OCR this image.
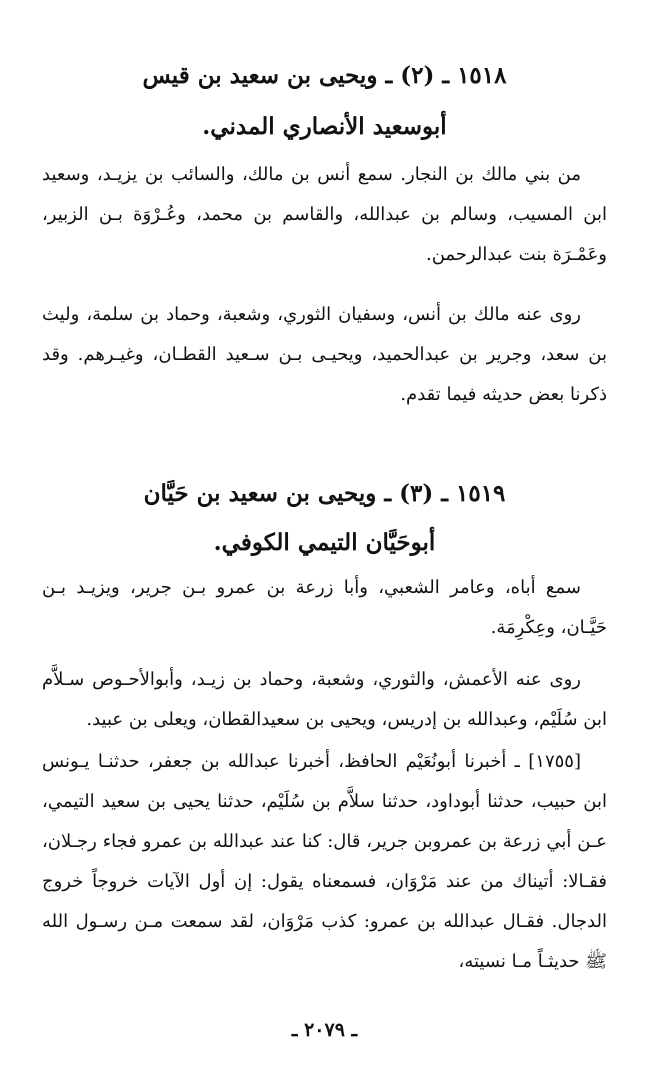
١٥١٨ ـ (٢) ـ ويحيى بن سعيد بن قيس
أبوسعيد الأنصاري المدني.

من بني مالك بن النجار. سمع أنس بن مالك، والسائب بن يزيـد، وسعيد ابن المسيب، وسالم بن عبدالله، والقاسم بن محمد، وعُـرْوَة بـن الزبير، وعَمْـرَة بنت عبدالرحمن.

روى عنه مالك بن أنس، وسفيان الثوري، وشعبة، وحماد بن سلمة، وليث بن سعد، وجرير بن عبدالحميد، ويحيـى بـن سـعيد القطـان، وغيـرهم. وقد ذكرنا بعض حديثه فيما تقدم.

١٥١٩ ـ (٣) ـ ويحيى بن سعيد بن حَيَّان
أبوحَيَّان التيمي الكوفي.

سمع أباه، وعامر الشعبي، وأبا زرعة بن عمرو بـن جرير، ويزيـد بـن حَيَّـان، وعِكْرِمَة.

روى عنه الأعمش، والثوري، وشعبة، وحماد بن زيـد، وأبوالأحـوص سـلاَّم ابن سُلَيْم، وعبدالله بن إدريس، ويحيى بن سعيدالقطان، ويعلى بن عبيد.

[١٧٥٥] ـ أخبرنا أبونُعَيْم الحافظ، أخبرنا عبدالله بن جعفر، حدثنـا يـونس ابن حبيب، حدثنا أبوداود، حدثنا سلاَّم بن سُلَيْم، حدثنا يحيى بن سعيد التيمي، عـن أبي زرعة بن عمروبن جرير، قال: كنا عند عبدالله بن عمرو فجاء رجـلان، فقـالا: أتيناك من عند مَرْوَان، فسمعناه يقول: إن أول الآيات خروجاً خروج الدجال. فقـال عبدالله بن عمرو: كذب مَرْوَان، لقد سمعت مـن رسـول الله ﷺ حديثـاً مـا نسيته،

ـ ٢٠٧٩ ـ
